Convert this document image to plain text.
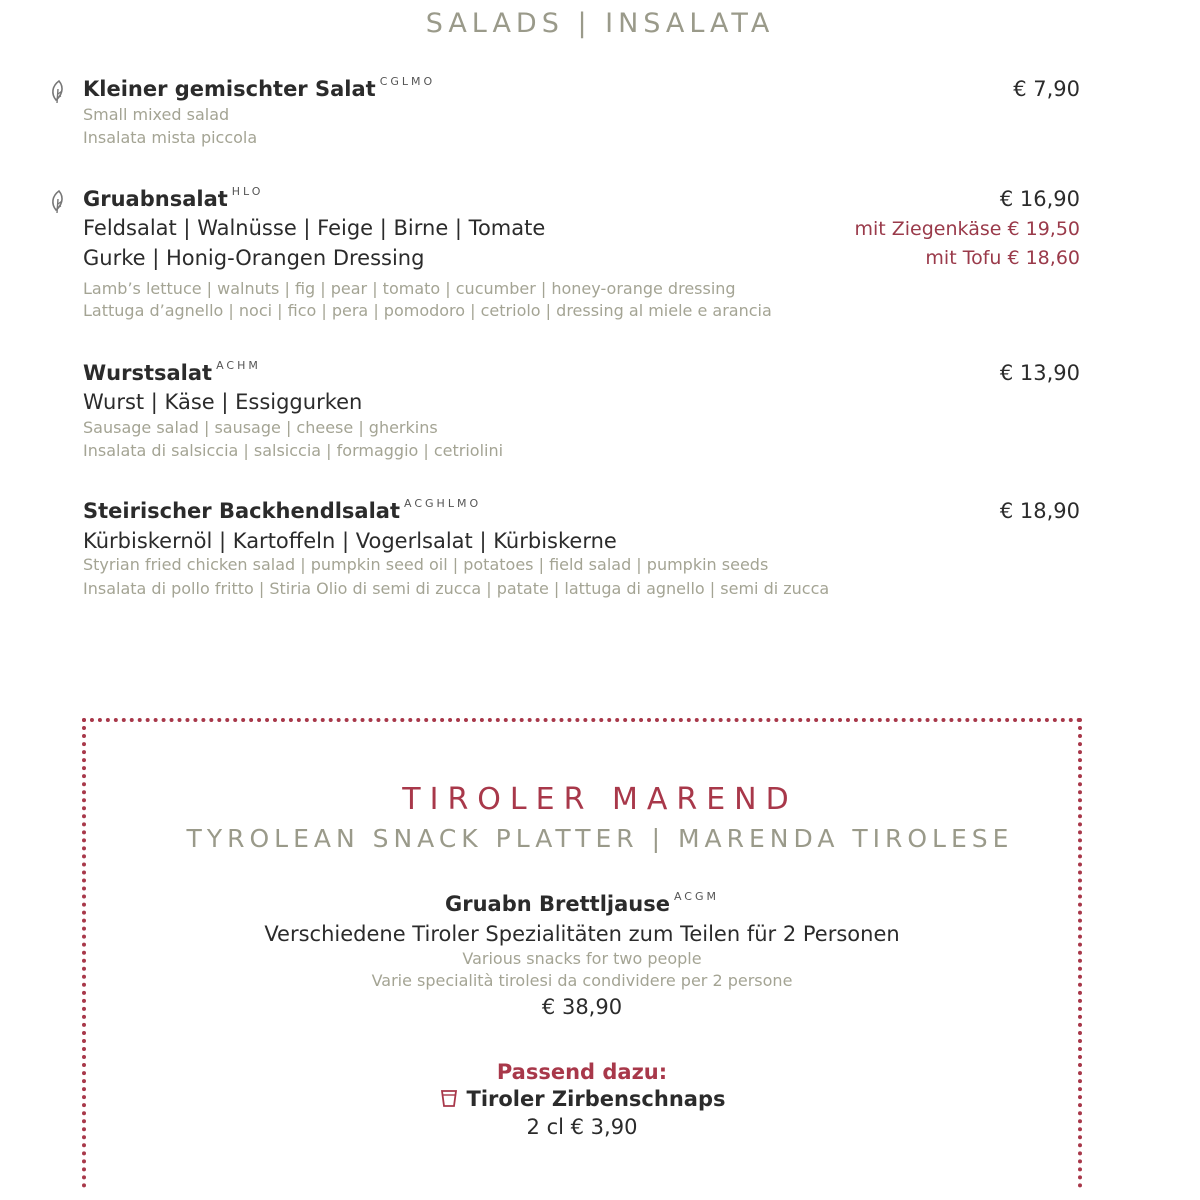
SALADS | INSALATA
Kleiner gemischter Salat $^{CGLMO}$	€ 7,90
Small mixed salad
Insalata mista piccola
Gruabnsalat $^{HLO}$	€ 16,90
mit Ziegenkäse € 19,50
mit Tofu € 18,60
Feldsalat | Walnüsse | Feige | Birne | Tomate
Gurke | Honig-Orangen Dressing
Lamb’s lettuce | walnuts | fig | pear | tomato | cucumber | honey-orange dressing
Lattuga d’agnello | noci | fico | pera | pomodoro | cetriolo | dressing al miele e arancia
Wurstsalat $^{ACHM}$	€ 13,90
Wurst | Käse | Essiggurken
Sausage salad | sausage | cheese | gherkins
Insalata di salsiccia | salsiccia | formaggio | cetriolini
Steirischer Backhendlsalat $^{ACGHLMO}$	€ 18,90
Kürbiskernöl | Kartoffeln | Vogerlsalat | Kürbiskerne
Styrian fried chicken salad | pumpkin seed oil | potatoes | field salad | pumpkin seeds
Insalata di pollo fritto | Stiria Olio di semi di zucca | patate | lattuga di agnello | semi di zucca
TIROLER MAREND
TYROLEAN SNACK PLATTER | MARENDA TIROLESE
Gruabn Brettljause $^{ACGM}$
Verschiedene Tiroler Spezialitäten zum Teilen für 2 Personen
Various snacks for two people
Varie specialità tirolesi da condividere per 2 persone
€ 38,90
Passend dazu:
Tiroler Zirbenschnaps
2 cl € 3,90
